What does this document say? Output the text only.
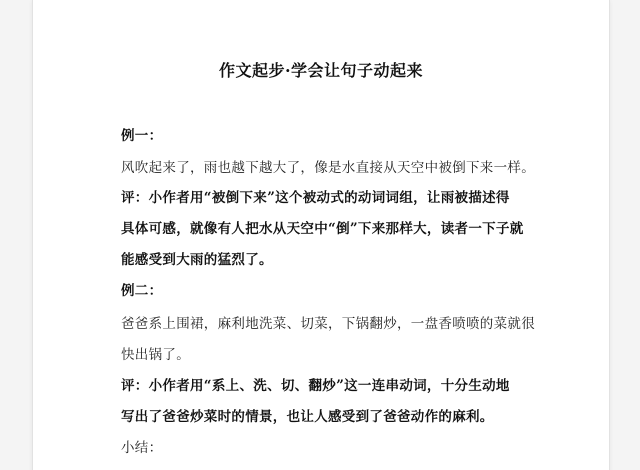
作文起步·学会让句子动起来
例一：
风吹起来了，雨也越下越大了，像是水直接从天空中被倒下来一样。
评：小作者用“被倒下来”这个被动式的动词词组，让雨被描述得
具体可感，就像有人把水从天空中“倒”下来那样大，读者一下子就
能感受到大雨的猛烈了。
例二：
爸爸系上围裙，麻利地洗菜、切菜，下锅翻炒，一盘香喷喷的菜就很
快出锅了。
评：小作者用“系上、洗、切、翻炒”这一连串动词，十分生动地
写出了爸爸炒菜时的情景，也让人感受到了爸爸动作的麻利。
小结：
